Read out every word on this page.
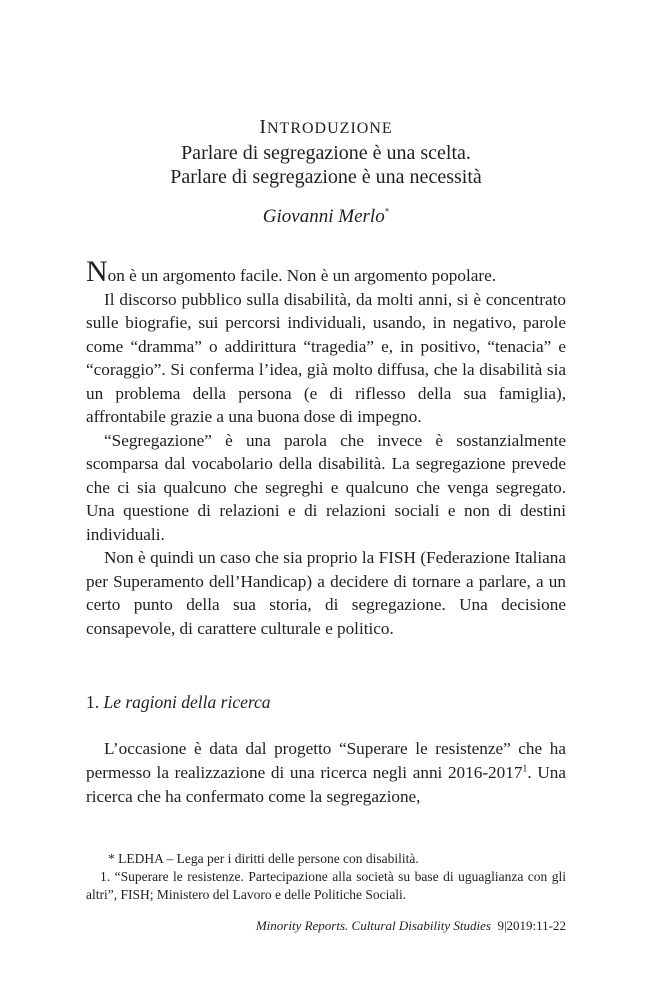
INTRODUZIONE
Parlare di segregazione è una scelta.
Parlare di segregazione è una necessità
Giovanni Merlo*

Non è un argomento facile. Non è un argomento popolare.

Il discorso pubblico sulla disabilità, da molti anni, si è concentrato sulle biografie, sui percorsi individuali, usando, in negativo, parole come “dramma” o addirittura “tragedia” e, in positivo, “tenacia” e “coraggio”. Si conferma l’idea, già molto diffusa, che la disabilità sia un problema della persona (e di riflesso della sua famiglia), affrontabile grazie a una buona dose di impegno.

“Segregazione” è una parola che invece è sostanzialmente scomparsa dal vocabolario della disabilità. La segregazione prevede che ci sia qualcuno che segreghi e qualcuno che venga segregato. Una questione di relazioni e di relazioni sociali e non di destini individuali.

Non è quindi un caso che sia proprio la FISH (Federazione Italiana per Superamento dell’Handicap) a decidere di tornare a parlare, a un certo punto della sua storia, di segregazione. Una decisione consapevole, di carattere culturale e politico.

1. Le ragioni della ricerca

L’occasione è data dal progetto “Superare le resistenze” che ha permesso la realizzazione di una ricerca negli anni 2016-2017$^1$. Una ricerca che ha confermato come la segregazione,

* LEDHA – Lega per i diritti delle persone con disabilità.

1. “Superare le resistenze. Partecipazione alla società su base di uguaglianza con gli altri”, FISH; Ministero del Lavoro e delle Politiche Sociali.

Minority Reports. Cultural Disability Studies 9|2019:11-22
